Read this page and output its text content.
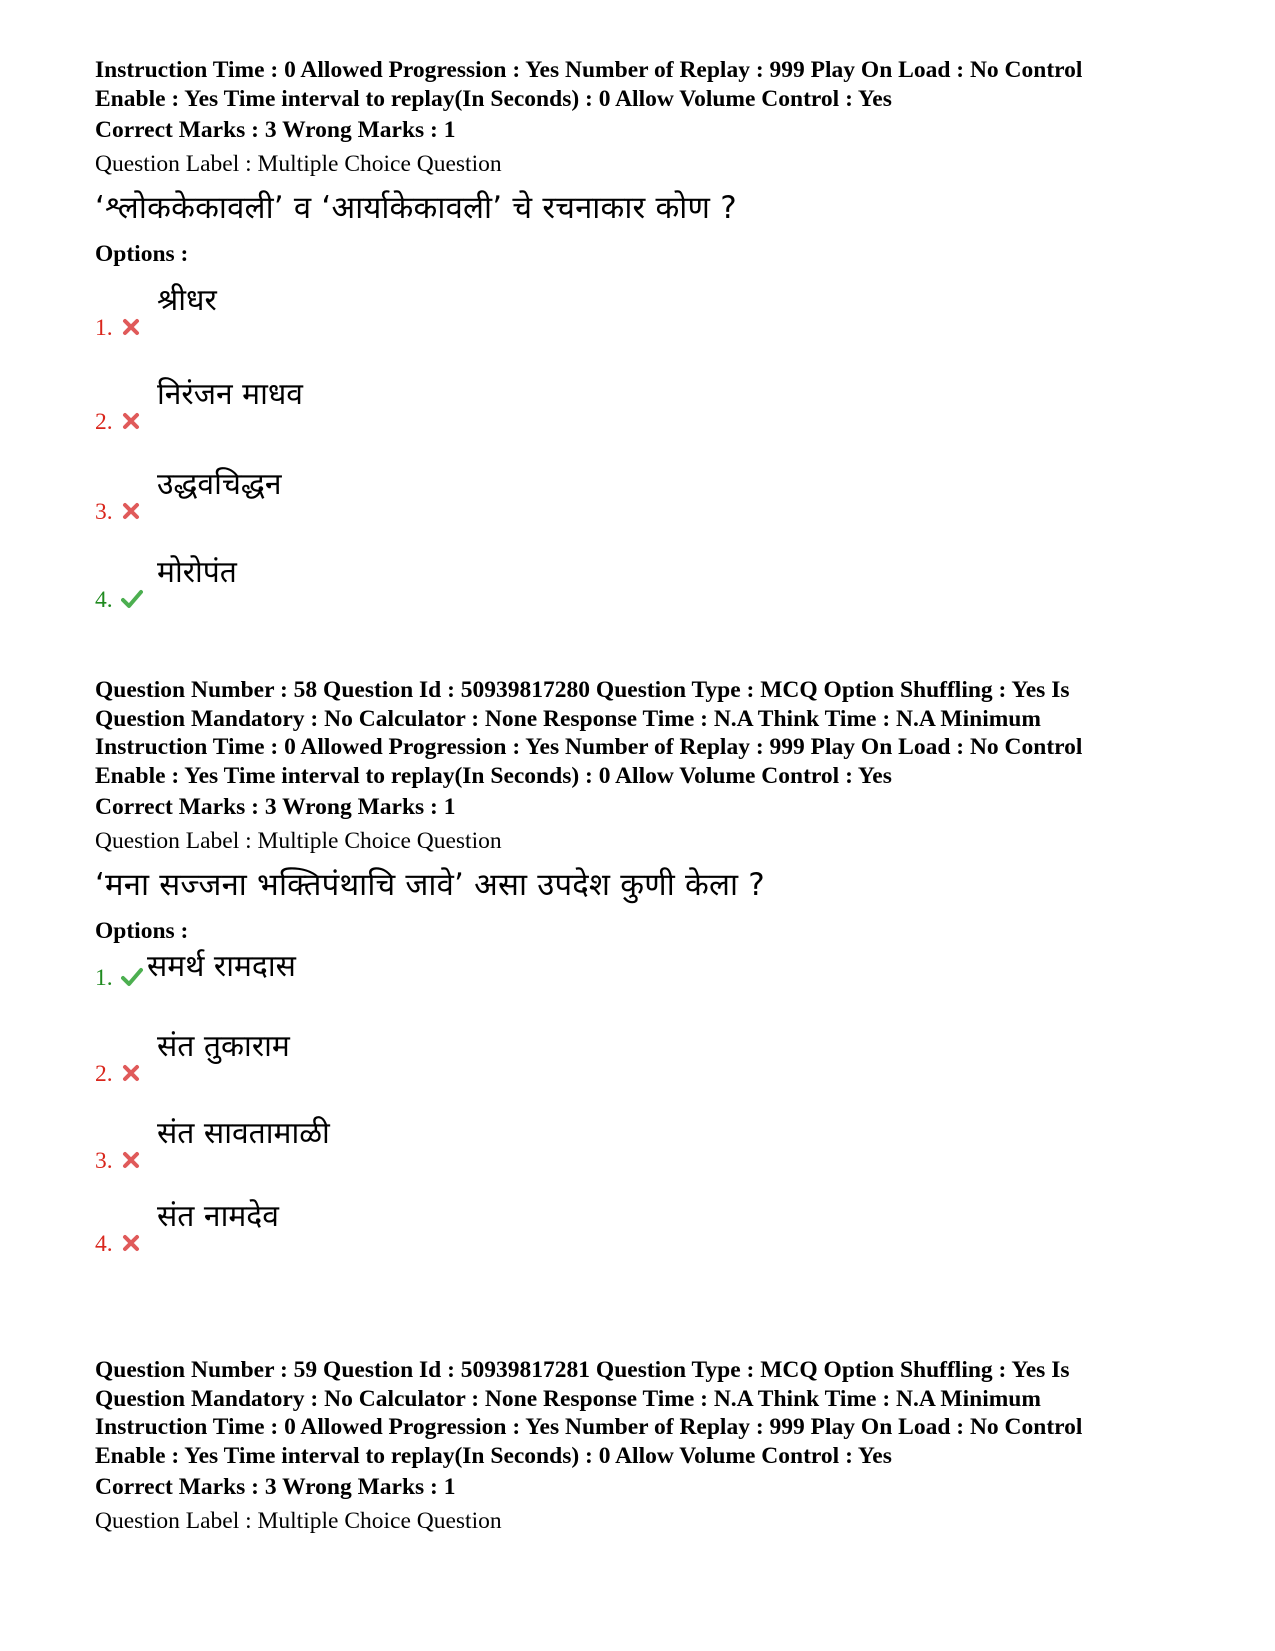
Instruction Time : 0 Allowed Progression : Yes Number of Replay : 999 Play On Load : No Control
Enable : Yes Time interval to replay(In Seconds) : 0 Allow Volume Control : Yes

Correct Marks : 3 Wrong Marks : 1
Question Label : Multiple Choice Question
‘श्लोककेकावली’ व ‘आर्याकेकावली’ चे रचनाकार कोण ?
Options :
1.
श्रीधर
2.
निरंजन माधव
3.
उद्धवचिद्धन
4.
मोरोपंत

Question Number : 58 Question Id : 50939817280 Question Type : MCQ Option Shuffling : Yes Is
Question Mandatory : No Calculator : None Response Time : N.A Think Time : N.A Minimum
Instruction Time : 0 Allowed Progression : Yes Number of Replay : 999 Play On Load : No Control
Enable : Yes Time interval to replay(In Seconds) : 0 Allow Volume Control : Yes

Correct Marks : 3 Wrong Marks : 1
Question Label : Multiple Choice Question
‘मना सज्जना भक्तिपंथाचि जावे’ असा उपदेश कुणी केला ?
Options :
1. समर्थ रामदास
2.
संत तुकाराम
3.
संत सावतामाळी
4.
संत नामदेव

Question Number : 59 Question Id : 50939817281 Question Type : MCQ Option Shuffling : Yes Is
Question Mandatory : No Calculator : None Response Time : N.A Think Time : N.A Minimum
Instruction Time : 0 Allowed Progression : Yes Number of Replay : 999 Play On Load : No Control
Enable : Yes Time interval to replay(In Seconds) : 0 Allow Volume Control : Yes

Correct Marks : 3 Wrong Marks : 1
Question Label : Multiple Choice Question
